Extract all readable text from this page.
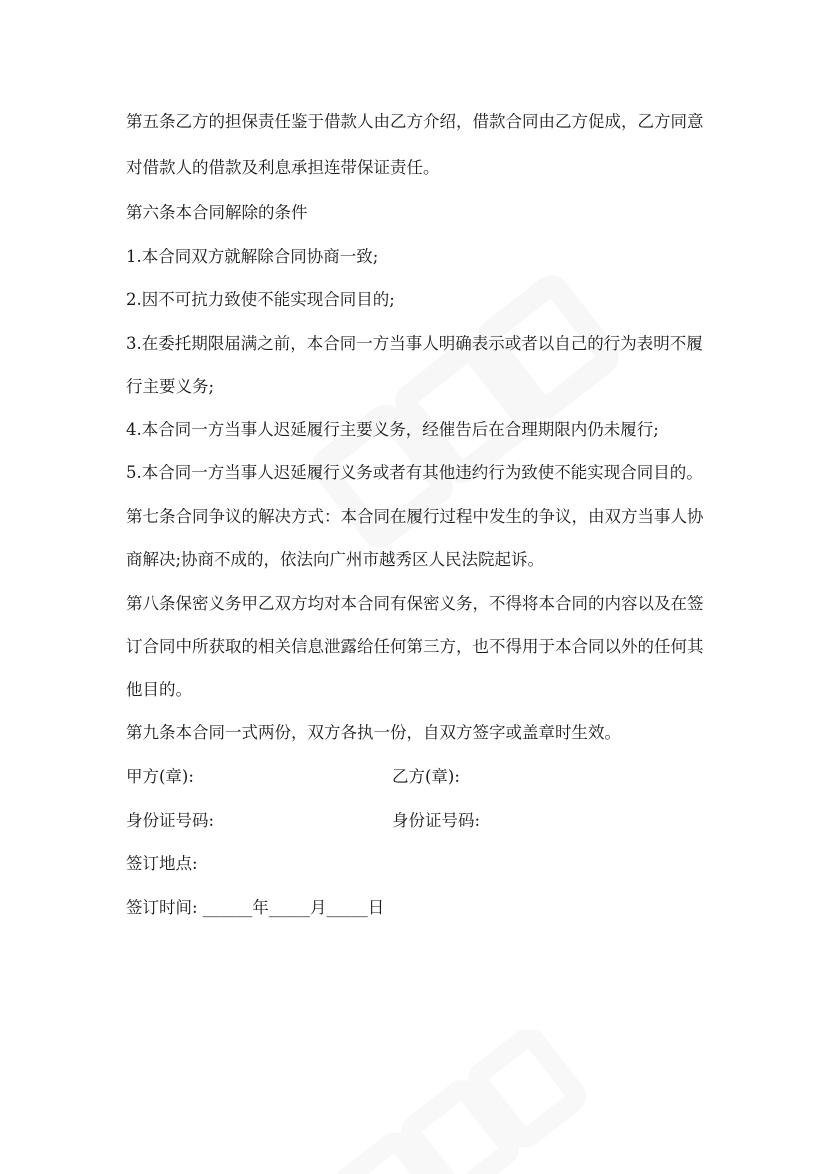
第五条乙方的担保责任鉴于借款人由乙方介绍，借款合同由乙方促成，乙方同意
对借款人的借款及利息承担连带保证责任。
第六条本合同解除的条件
1.本合同双方就解除合同协商一致;
2.因不可抗力致使不能实现合同目的;
3.在委托期限届满之前，本合同一方当事人明确表示或者以自己的行为表明不履
行主要义务;
4.本合同一方当事人迟延履行主要义务，经催告后在合理期限内仍未履行;
5.本合同一方当事人迟延履行义务或者有其他违约行为致使不能实现合同目的。
第七条合同争议的解决方式：本合同在履行过程中发生的争议，由双方当事人协
商解决;协商不成的，依法向广州市越秀区人民法院起诉。
第八条保密义务甲乙双方均对本合同有保密义务，不得将本合同的内容以及在签
订合同中所获取的相关信息泄露给任何第三方，也不得用于本合同以外的任何其
他目的。
第九条本合同一式两份，双方各执一份，自双方签字或盖章时生效。
甲方(章):	乙方(章):
身份证号码:	身份证号码:
签订地点:
签订时间: ______年_____月_____日
